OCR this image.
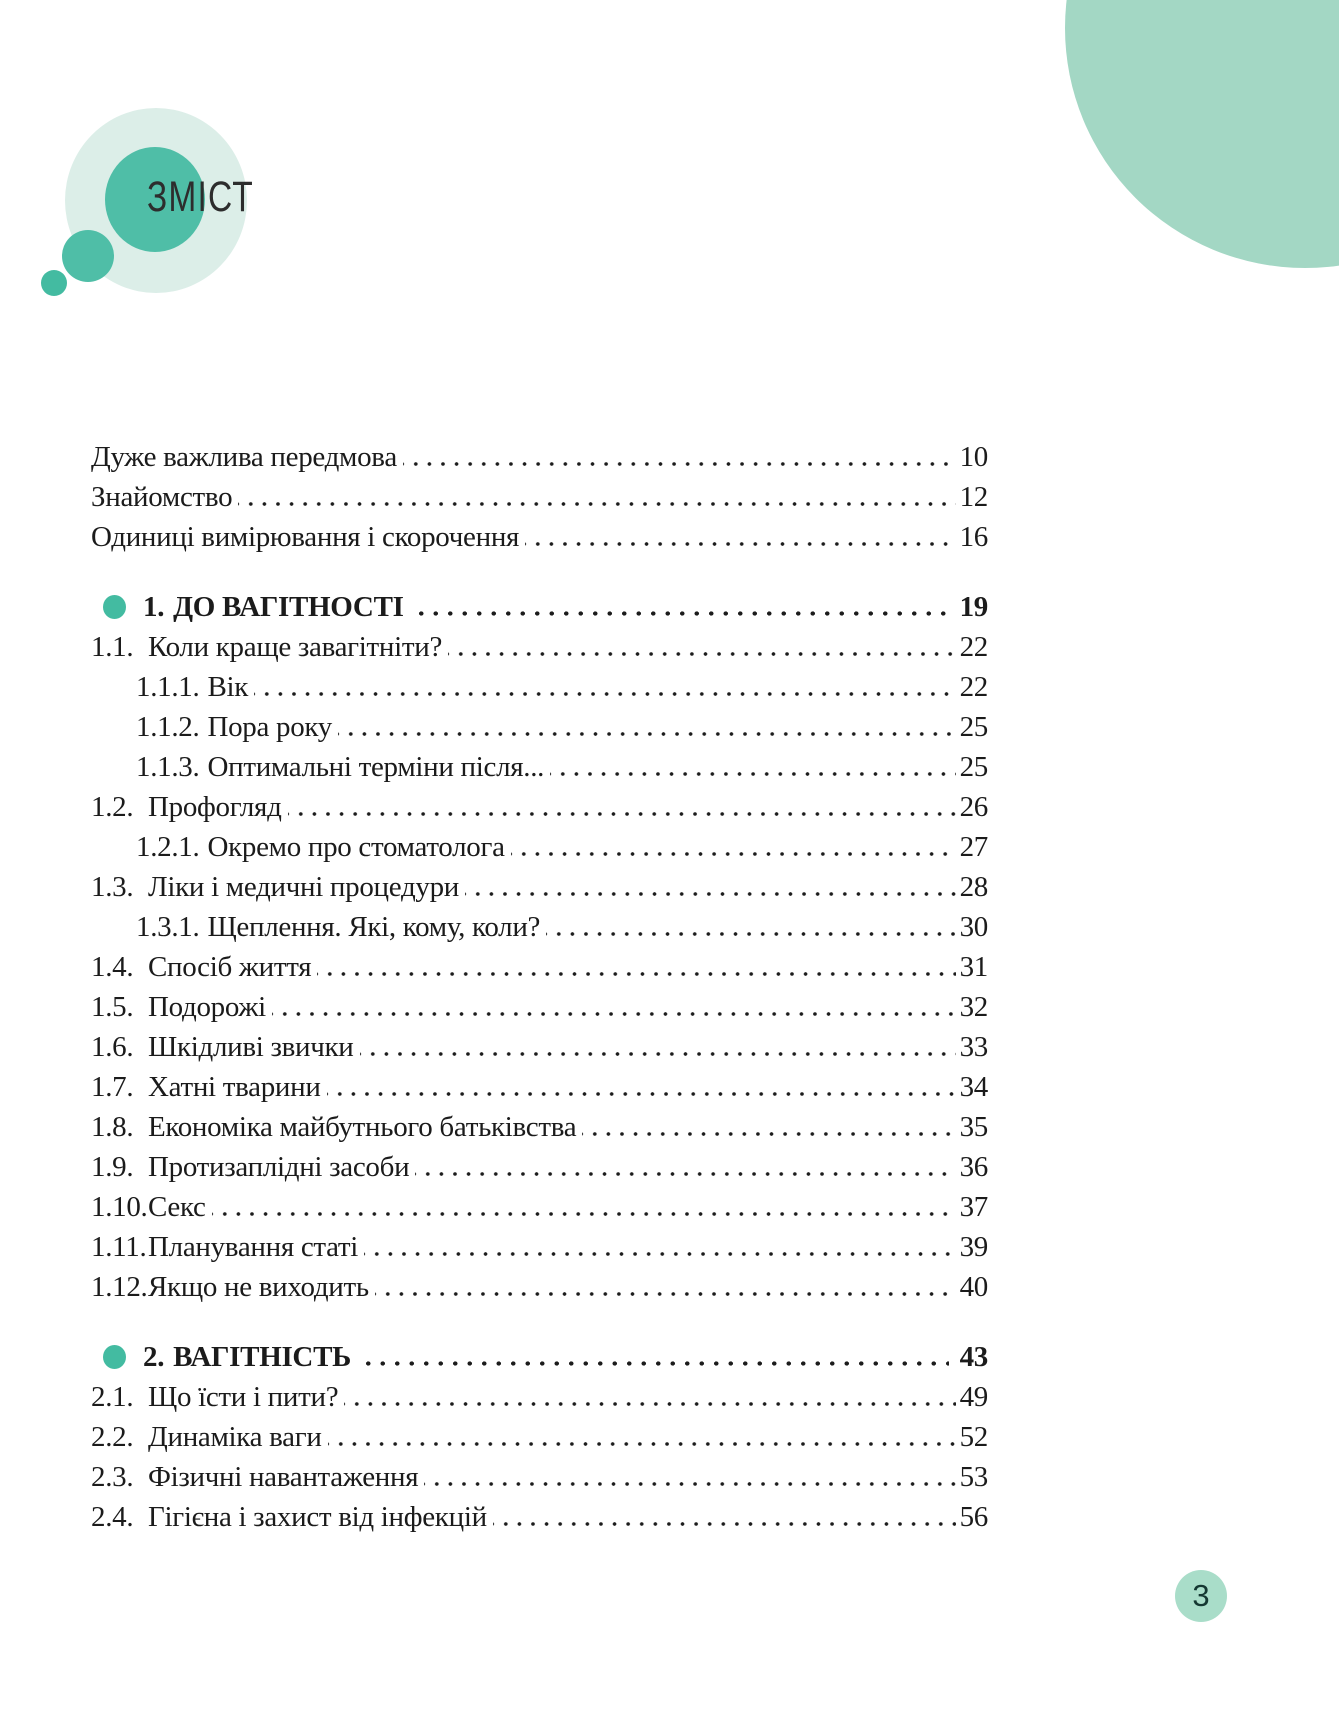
ЗМІСТ
Дуже важлива передмова	10
Знайомство	12
Одиниці вимірювання і скорочення	16
1. ДО ВАГІТНОСТІ	19
1.1. Коли краще завагітніти?	22
1.1.1. Вік	22
1.1.2. Пора року	25
1.1.3. Оптимальні терміни після...	25
1.2. Профогляд	26
1.2.1. Окремо про стоматолога	27
1.3. Ліки і медичні процедури	28
1.3.1. Щеплення. Які, кому, коли?	30
1.4. Спосіб життя	31
1.5. Подорожі	32
1.6. Шкідливі звички	33
1.7. Хатні тварини	34
1.8. Економіка майбутнього батьківства	35
1.9. Протизаплідні засоби	36
1.10. Секс	37
1.11. Планування статі	39
1.12. Якщо не виходить	40
2. ВАГІТНІСТЬ	43
2.1. Що їсти і пити?	49
2.2. Динаміка ваги	52
2.3. Фізичні навантаження	53
2.4. Гігієна і захист від інфекцій	56
3
